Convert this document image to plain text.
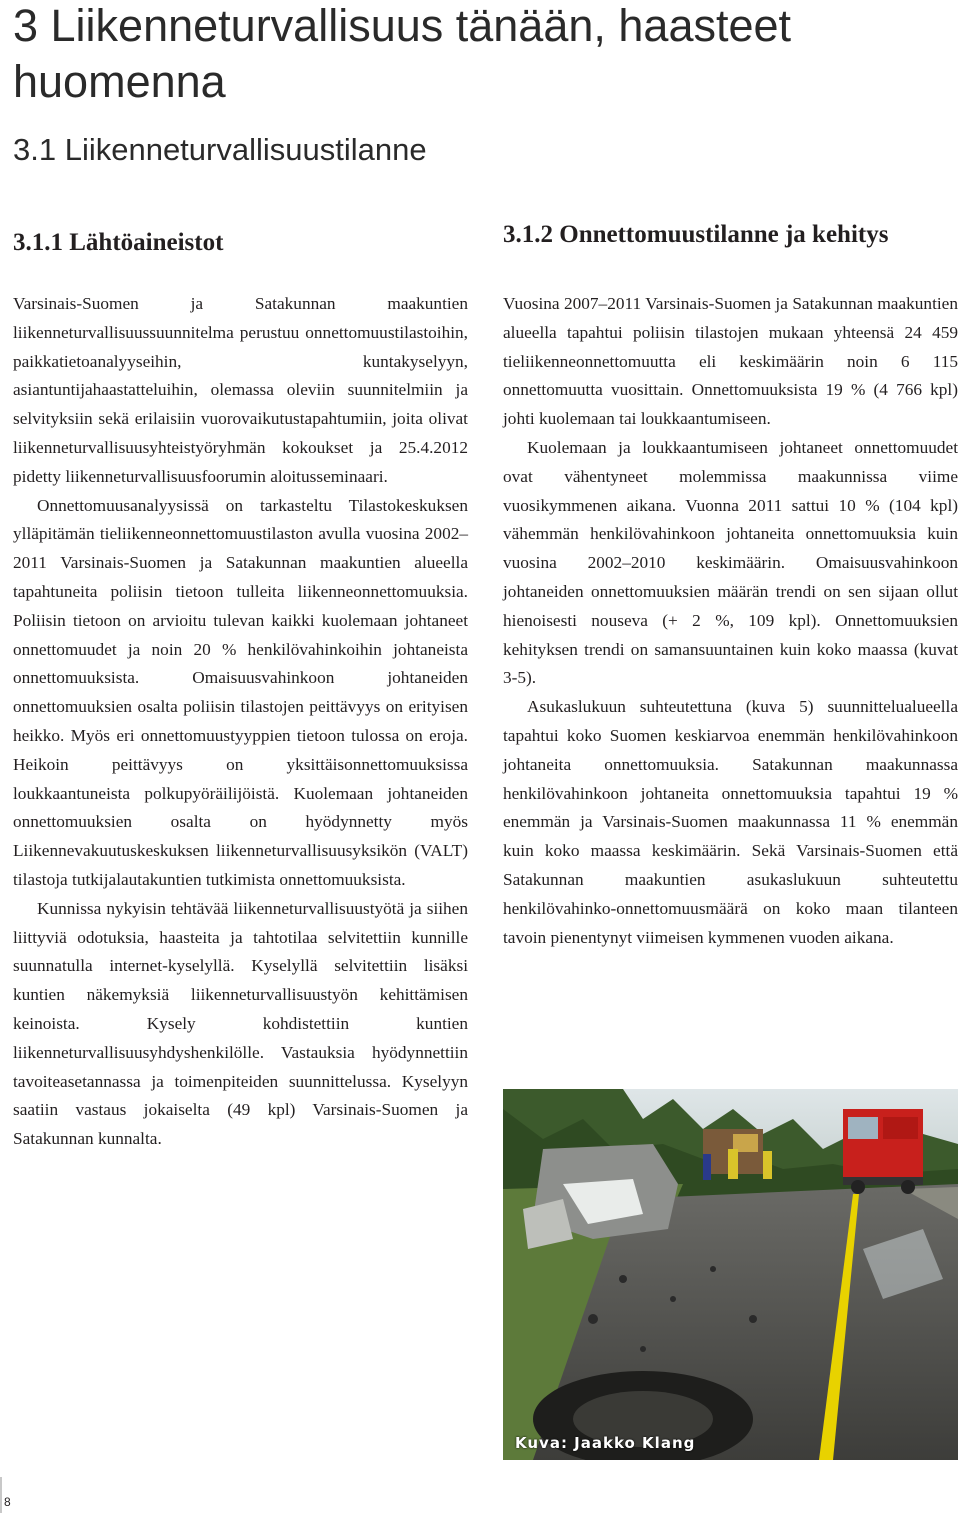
3 Liikenneturvallisuus tänään, haasteet huomenna
3.1 Liikenneturvallisuustilanne
3.1.1 Lähtöaineistot	3.1.2 Onnettomuustilanne ja kehitys

Varsinais-Suomen ja Satakunnan maakuntien liikenneturvallisuussuunnitelma perustuu onnettomuustilastoihin, paikkatietoanalyyseihin, kuntakyselyyn, asiantuntijahaastatteluihin, olemassa oleviin suunnitelmiin ja selvityksiin sekä erilaisiin vuorovaikutustapahtumiin, joita olivat liikenneturvallisuusyhteistyöryhmän kokoukset ja 25.4.2012 pidetty liikenneturvallisuusfoorumin aloitusseminaari.

Onnettomuusanalyysissä on tarkasteltu Tilastokeskuksen ylläpitämän tieliikenneonnettomuustilaston avulla vuosina 2002–2011 Varsinais-Suomen ja Satakunnan maakuntien alueella tapahtuneita poliisin tietoon tulleita liikenneonnettomuuksia. Poliisin tietoon on arvioitu tulevan kaikki kuolemaan johtaneet onnettomuudet ja noin 20 % henkilövahinkoihin johtaneista onnettomuuksista. Omaisuusvahinkoon johtaneiden onnettomuuksien osalta poliisin tilastojen peittävyys on erityisen heikko. Myös eri onnettomuustyyppien tietoon tulossa on eroja. Heikoin peittävyys on yksittäisonnettomuuksissa loukkaantuneista polkupyöräilijöistä. Kuolemaan johtaneiden onnettomuuksien osalta on hyödynnetty myös Liikennevakuutuskeskuksen liikenneturvallisuusyksikön (VALT) tilastoja tutkijalautakuntien tutkimista onnettomuuksista.

Kunnissa nykyisin tehtävää liikenneturvallisuustyötä ja siihen liittyviä odotuksia, haasteita ja tahtotilaa selvitettiin kunnille suunnatulla internet-kyselyllä. Kyselyllä selvitettiin lisäksi kuntien näkemyksiä liikenneturvallisuustyön kehittämisen keinoista. Kysely kohdistettiin kuntien liikenneturvallisuusyhdyshenkilölle. Vastauksia hyödynnettiin tavoiteasetannassa ja toimenpiteiden suunnittelussa. Kyselyyn saatiin vastaus jokaiselta (49 kpl) Varsinais-Suomen ja Satakunnan kunnalta.

Vuosina 2007–2011 Varsinais-Suomen ja Satakunnan maakuntien alueella tapahtui poliisin tilastojen mukaan yhteensä 24 459 tieliikenneonnettomuutta eli keskimäärin noin 6 115 onnettomuutta vuosittain. Onnettomuuksista 19 % (4 766 kpl) johti kuolemaan tai loukkaantumiseen.

Kuolemaan ja loukkaantumiseen johtaneet onnettomuudet ovat vähentyneet molemmissa maakunnissa viime vuosikymmenen aikana. Vuonna 2011 sattui 10 % (104 kpl) vähemmän henkilövahinkoon johtaneita onnettomuuksia kuin vuosina 2002–2010 keskimäärin. Omaisuusvahinkoon johtaneiden onnettomuuksien määrän trendi on sen sijaan ollut hienoisesti nouseva (+ 2 %, 109 kpl). Onnettomuuksien kehityksen trendi on samansuuntainen kuin koko maassa (kuvat 3-5).

Asukaslukuun suhteutettuna (kuva 5) suunnittelualueella tapahtui koko Suomen keskiarvoa enemmän henkilövahinkoon johtaneita onnettomuuksia. Satakunnan maakunnassa henkilövahinkoon johtaneita onnettomuuksia tapahtui 19 % enemmän ja Varsinais-Suomen maakunnassa 11 % enemmän kuin koko maassa keskimäärin. Sekä Varsinais-Suomen että Satakunnan maakuntien asukaslukuun suhteutettu henkilövahinko-onnettomuusmäärä on koko maan tilanteen tavoin pienentynyt viimeisen kymmenen vuoden aikana.

Kuva: Jaakko Klang
8
